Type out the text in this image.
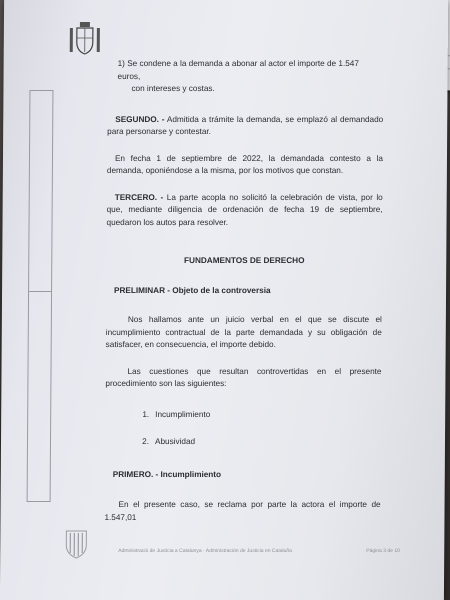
1) Se condene a la demanda a abonar al actor el importe de 1.547 euros,
con intereses y costas.

SEGUNDO. - Admitida a trámite la demanda, se emplazó al demandado para personarse y contestar.

En fecha 1 de septiembre de 2022, la demandada contesto a la demanda, oponiéndose a la misma, por los motivos que constan.

TERCERO. - La parte acopla no solicitó la celebración de vista, por lo que, mediante diligencia de ordenación de fecha 19 de septiembre, quedaron los autos para resolver.

FUNDAMENTOS DE DERECHO

PRELIMINAR - Objeto de la controversia

Nos hallamos ante un juicio verbal en el que se discute el incumplimiento contractual de la parte demandada y su obligación de satisfacer, en consecuencia, el importe debido.

Las cuestiones que resultan controvertidas en el presente procedimiento son las siguientes:

1. Incumplimiento
2. Abusividad

PRIMERO. - Incumplimiento

En el presente caso, se reclama por parte la actora el importe de 1.547,01

Administració de Justícia a Catalunya · Administración de Justicia en Cataluña	Pàgina 3 de 10
